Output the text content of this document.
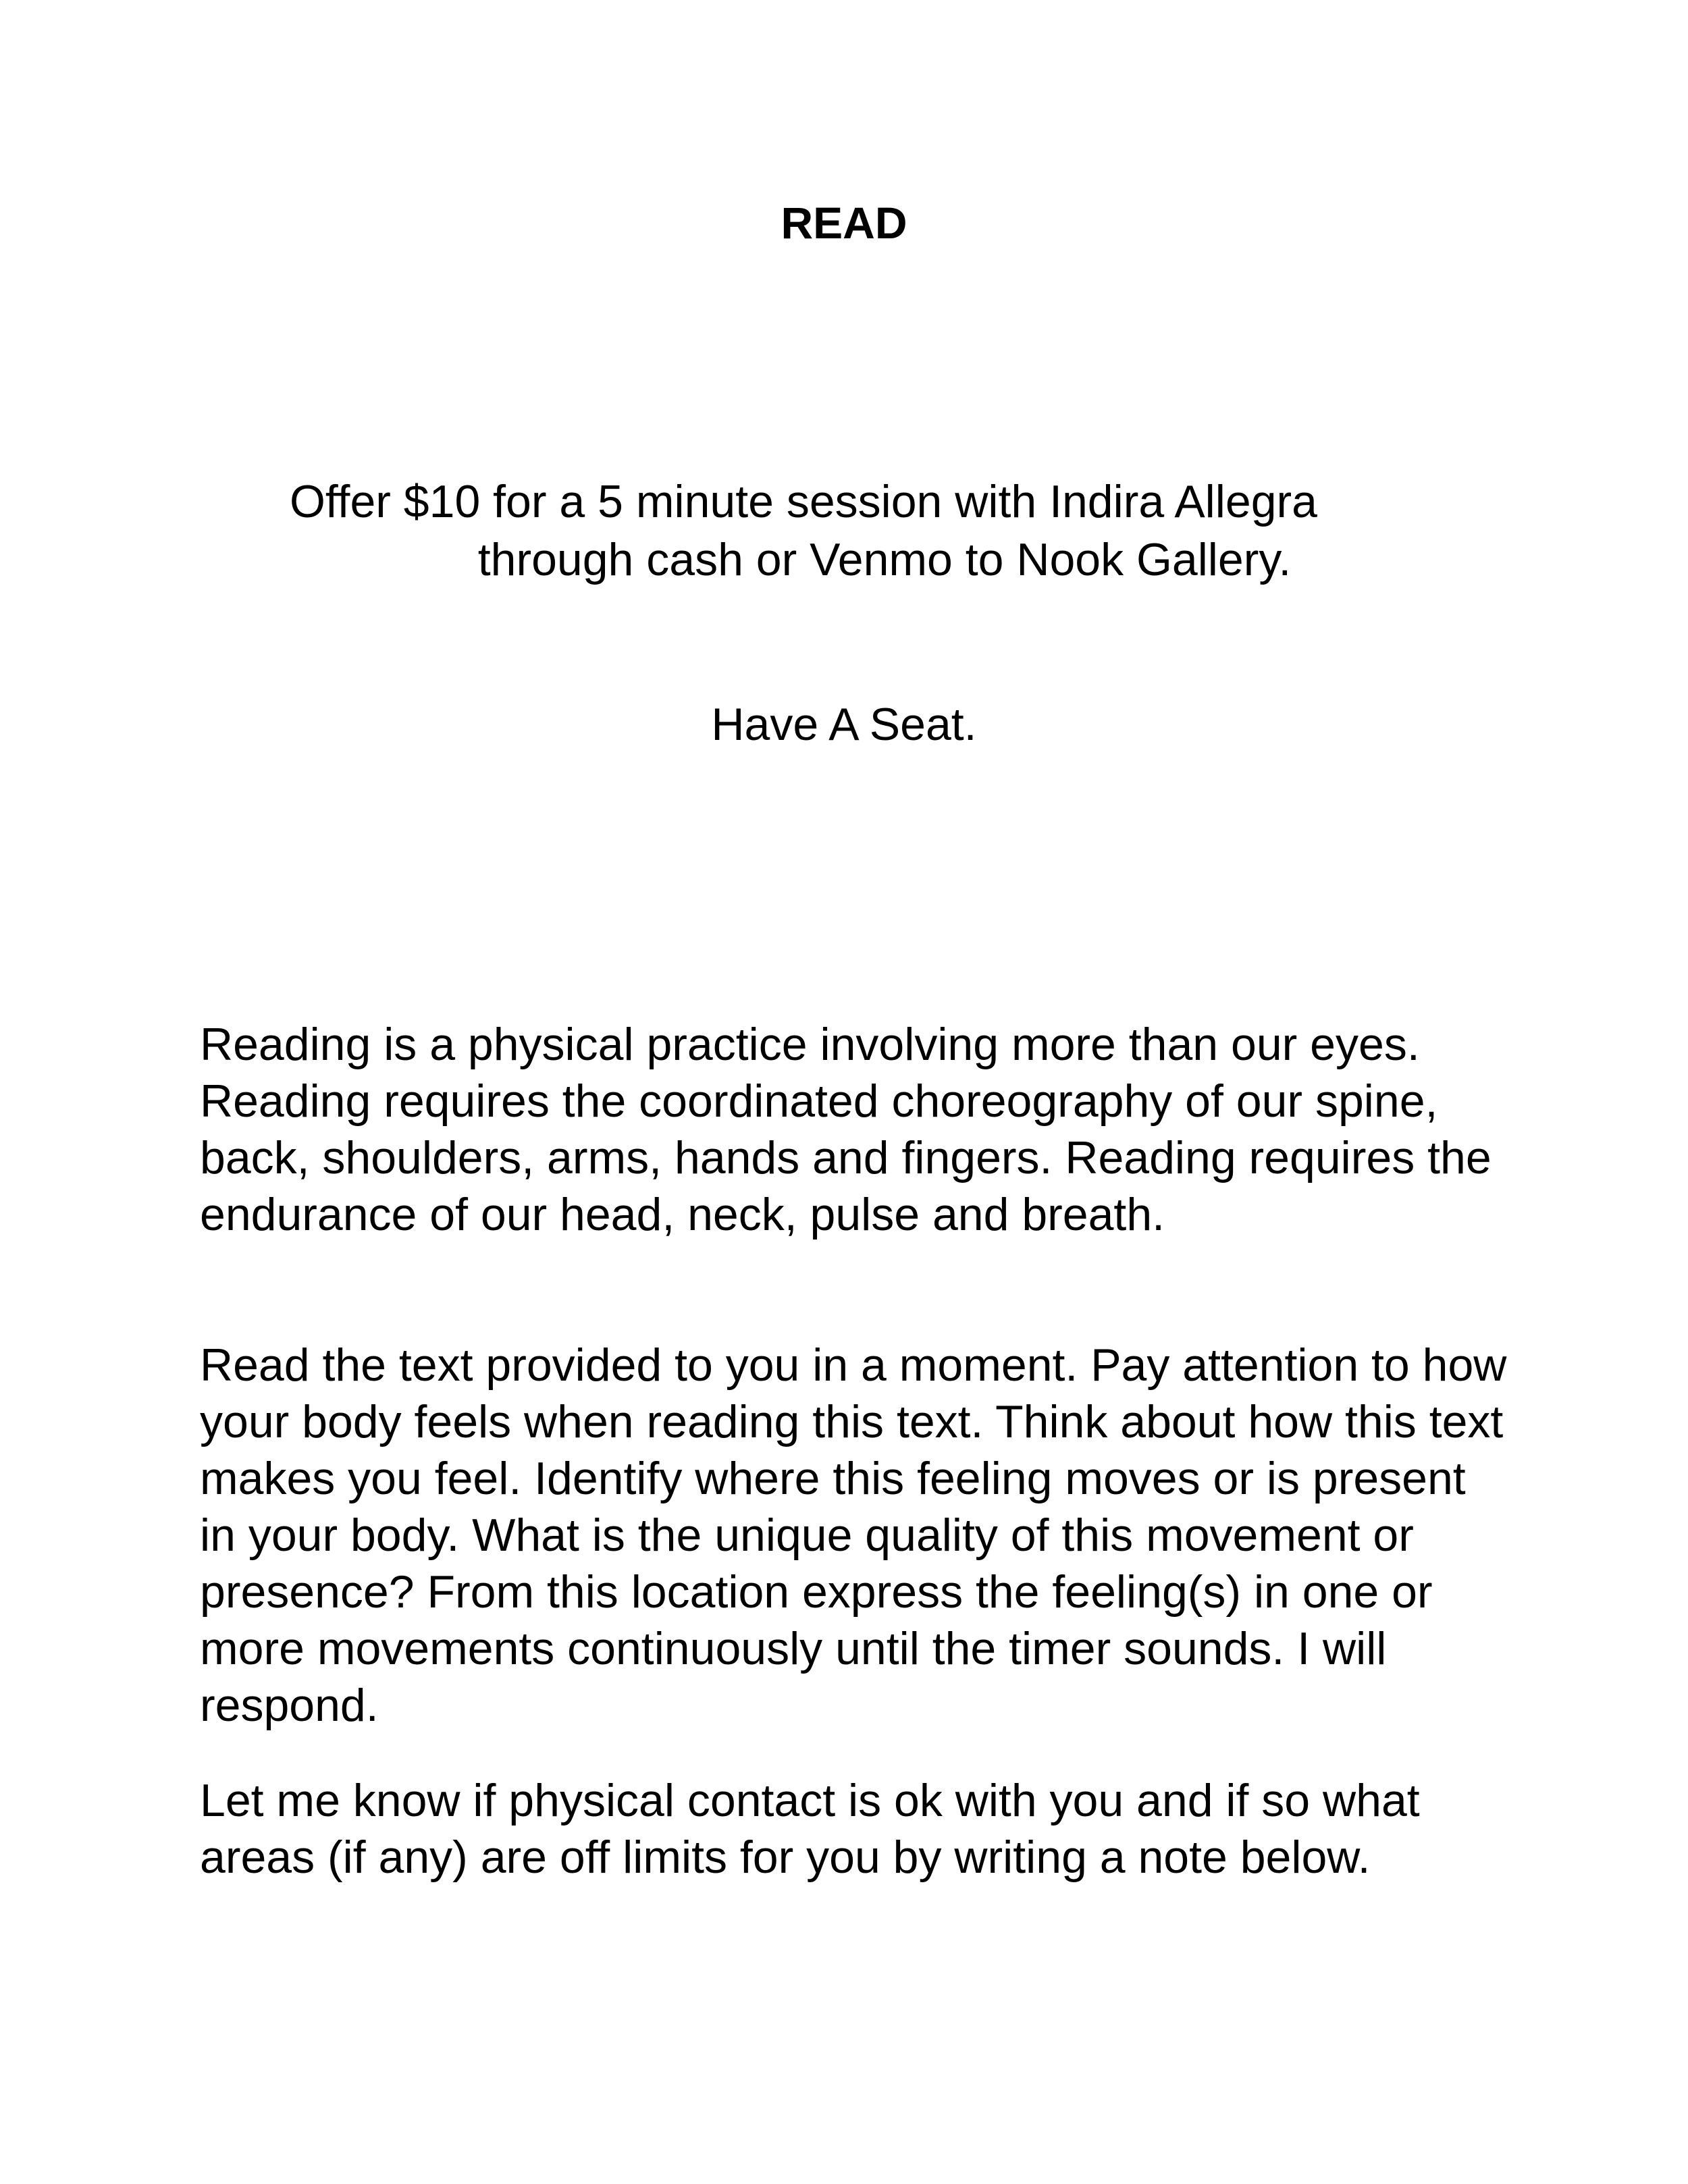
READ
Offer $10 for a 5 minute session with Indira Allegra
through cash or Venmo to Nook Gallery.

Have A Seat.

Reading is a physical practice involving more than our eyes. Reading requires the coordinated choreography of our spine, back, shoulders, arms, hands and fingers. Reading requires the endurance of our head, neck, pulse and breath.

Read the text provided to you in a moment. Pay attention to how your body feels when reading this text. Think about how this text makes you feel. Identify where this feeling moves or is present in your body. What is the unique quality of this movement or presence? From this location express the feeling(s) in one or more movements continuously until the timer sounds. I will respond.

Let me know if physical contact is ok with you and if so what areas (if any) are off limits for you by writing a note below.
